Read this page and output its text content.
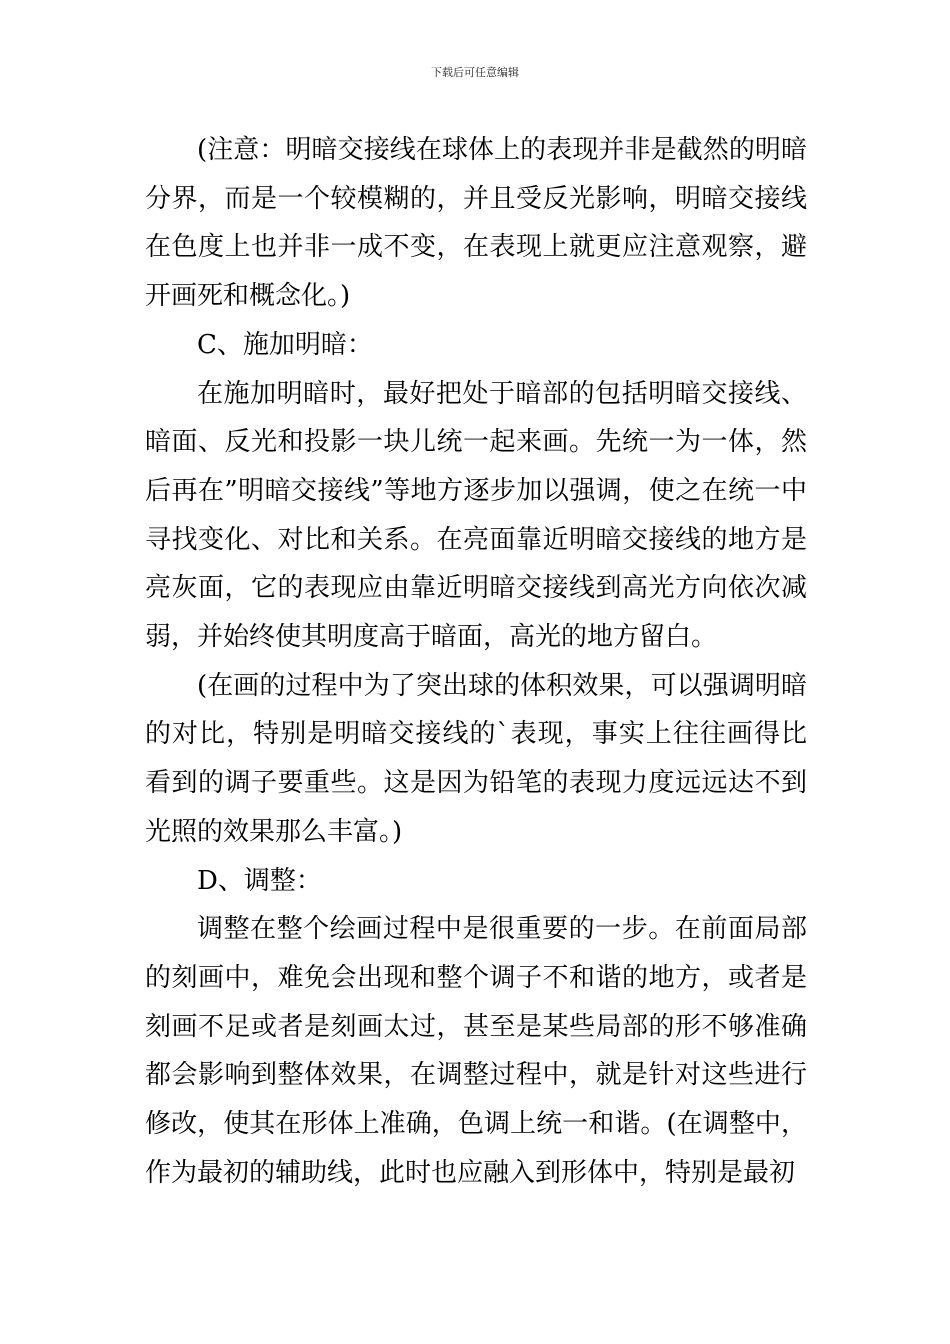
下载后可任意编辑

(注意：明暗交接线在球体上的表现并非是截然的明暗分界，而是一个较模糊的，并且受反光影响，明暗交接线在色度上也并非一成不变，在表现上就更应注意观察，避开画死和概念化。)

C、施加明暗：

在施加明暗时，最好把处于暗部的包括明暗交接线、暗面、反光和投影一块儿统一起来画。先统一为一体，然后再在”明暗交接线”等地方逐步加以强调，使之在统一中寻找变化、对比和关系。在亮面靠近明暗交接线的地方是亮灰面，它的表现应由靠近明暗交接线到高光方向依次减弱，并始终使其明度高于暗面，高光的地方留白。

(在画的过程中为了突出球的体积效果，可以强调明暗的对比，特别是明暗交接线的`表现，事实上往往画得比看到的调子要重些。这是因为铅笔的表现力度远远达不到光照的效果那么丰富。)

D、调整：

调整在整个绘画过程中是很重要的一步。在前面局部的刻画中，难免会出现和整个调子不和谐的地方，或者是刻画不足或者是刻画太过，甚至是某些局部的形不够准确都会影响到整体效果，在调整过程中，就是针对这些进行修改，使其在形体上准确，色调上统一和谐。(在调整中，作为最初的辅助线，此时也应融入到形体中，特别是最初
